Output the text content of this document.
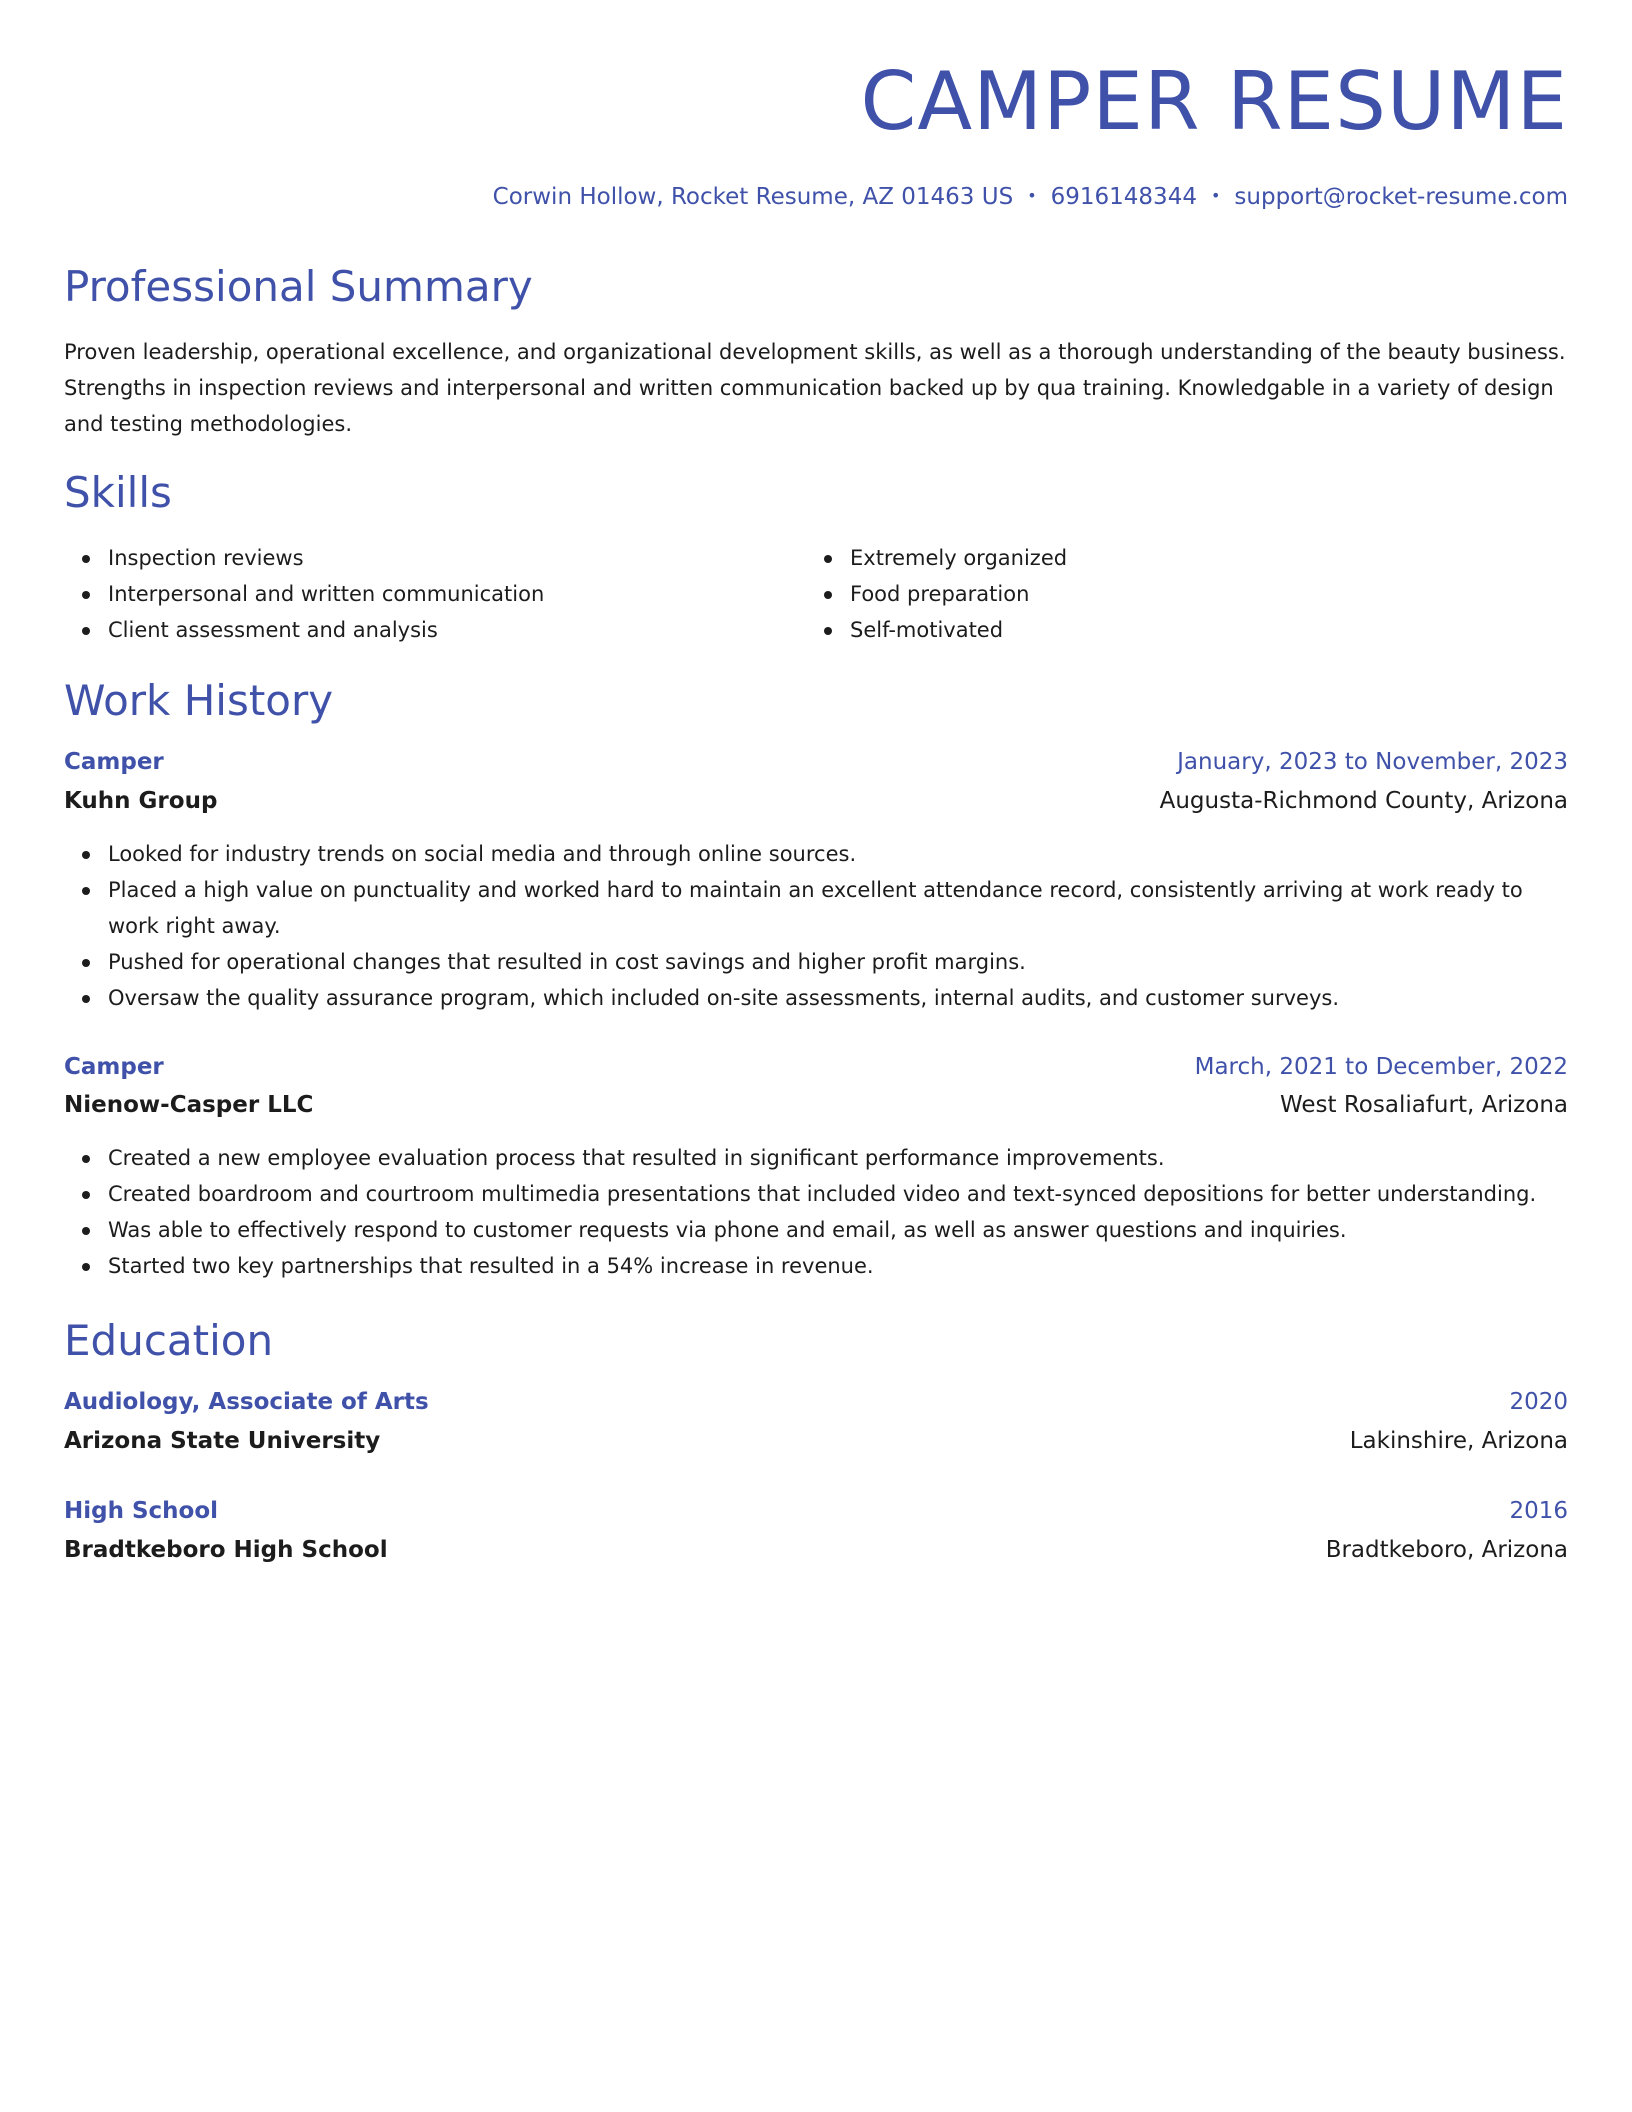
CAMPER RESUME
Corwin Hollow, Rocket Resume, AZ 01463 US • 6916148344 • support@rocket-resume.com
Professional Summary

Proven leadership, operational excellence, and organizational development skills, as well as a thorough understanding of the beauty business. Strengths in inspection reviews and interpersonal and written communication backed up by qua training. Knowledgable in a variety of design and testing methodologies.

Skills
Inspection reviews
Interpersonal and written communication
Client assessment and analysis
Extremely organized
Food preparation
Self-motivated
Work History
Camper	January, 2023 to November, 2023
Kuhn Group	Augusta-Richmond County, Arizona
Looked for industry trends on social media and through online sources.
Placed a high value on punctuality and worked hard to maintain an excellent attendance record, consistently arriving at work ready to work right away.
Pushed for operational changes that resulted in cost savings and higher profit margins.
Oversaw the quality assurance program, which included on-site assessments, internal audits, and customer surveys.
Camper	March, 2021 to December, 2022
Nienow-Casper LLC	West Rosaliafurt, Arizona
Created a new employee evaluation process that resulted in significant performance improvements.
Created boardroom and courtroom multimedia presentations that included video and text-synced depositions for better understanding.
Was able to effectively respond to customer requests via phone and email, as well as answer questions and inquiries.
Started two key partnerships that resulted in a 54% increase in revenue.
Education
Audiology, Associate of Arts	2020
Arizona State University	Lakinshire, Arizona
High School	2016
Bradtkeboro High School	Bradtkeboro, Arizona
